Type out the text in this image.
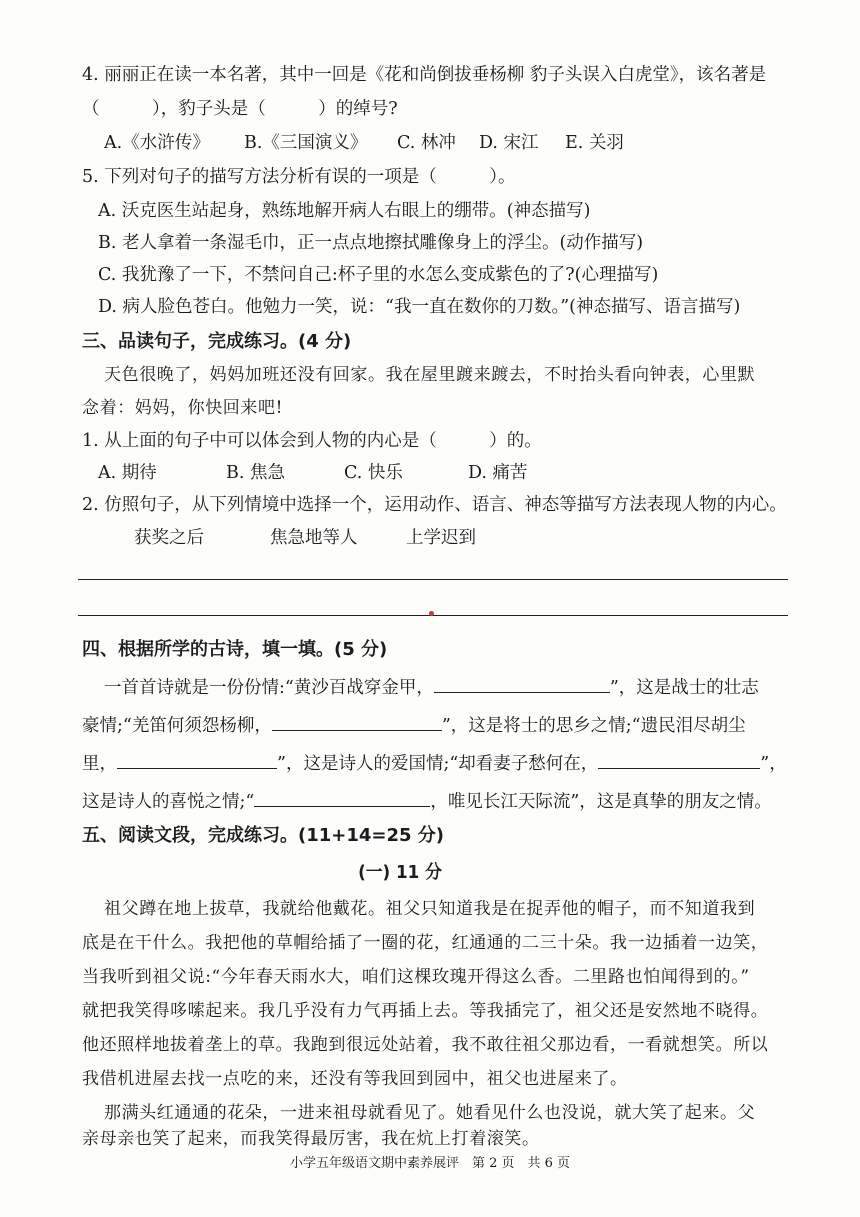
4. 丽丽正在读一本名著，其中一回是《花和尚倒拔垂杨柳 豹子头误入白虎堂》，该名著是
（　　　），豹子头是（　　　）的绰号?
A.《水浒传》 B.《三国演义》 C. 林冲 D. 宋江 E. 关羽
5. 下列对句子的描写方法分析有误的一项是（　　　）。
A. 沃克医生站起身，熟练地解开病人右眼上的绷带。(神态描写)
B. 老人拿着一条湿毛巾，正一点点地擦拭雕像身上的浮尘。(动作描写)
C. 我犹豫了一下，不禁问自己:杯子里的水怎么变成紫色的了?(心理描写)
D. 病人脸色苍白。他勉力一笑，说：“我一直在数你的刀数。”(神态描写、语言描写)
三、品读句子，完成练习。(4 分)
天色很晚了，妈妈加班还没有回家。我在屋里踱来踱去，不时抬头看向钟表，心里默
念着：妈妈，你快回来吧!
1. 从上面的句子中可以体会到人物的内心是（　　　）的。
A. 期待	B. 焦急	C. 快乐	D. 痛苦
2. 仿照句子，从下列情境中选择一个，运用动作、语言、神态等描写方法表现人物的内心。
获奖之后	焦急地等人	上学迟到
四、根据所学的古诗，填一填。(5 分)
一首首诗就是一份份情:“黄沙百战穿金甲，	”，这是战士的壮志
豪情;“羌笛何须怨杨柳，	”，这是将士的思乡之情;“遗民泪尽胡尘
里，	”，这是诗人的爱国情;“却看妻子愁何在，	”，
这是诗人的喜悦之情;“	，唯见长江天际流”，这是真挚的朋友之情。
五、阅读文段，完成练习。(11+14=25 分)
(一) 11 分
祖父蹲在地上拔草，我就给他戴花。祖父只知道我是在捉弄他的帽子，而不知道我到
底是在干什么。我把他的草帽给插了一圈的花，红通通的二三十朵。我一边插着一边笑，
当我听到祖父说:“今年春天雨水大，咱们这棵玫瑰开得这么香。二里路也怕闻得到的。”
就把我笑得哆嗦起来。我几乎没有力气再插上去。等我插完了，祖父还是安然地不晓得。
他还照样地拔着垄上的草。我跑到很远处站着，我不敢往祖父那边看，一看就想笑。所以
我借机进屋去找一点吃的来，还没有等我回到园中，祖父也进屋来了。
那满头红通通的花朵，一进来祖母就看见了。她看见什么也没说，就大笑了起来。父
亲母亲也笑了起来，而我笑得最厉害，我在炕上打着滚笑。
小学五年级语文期中素养展评　第 2 页　共 6 页
